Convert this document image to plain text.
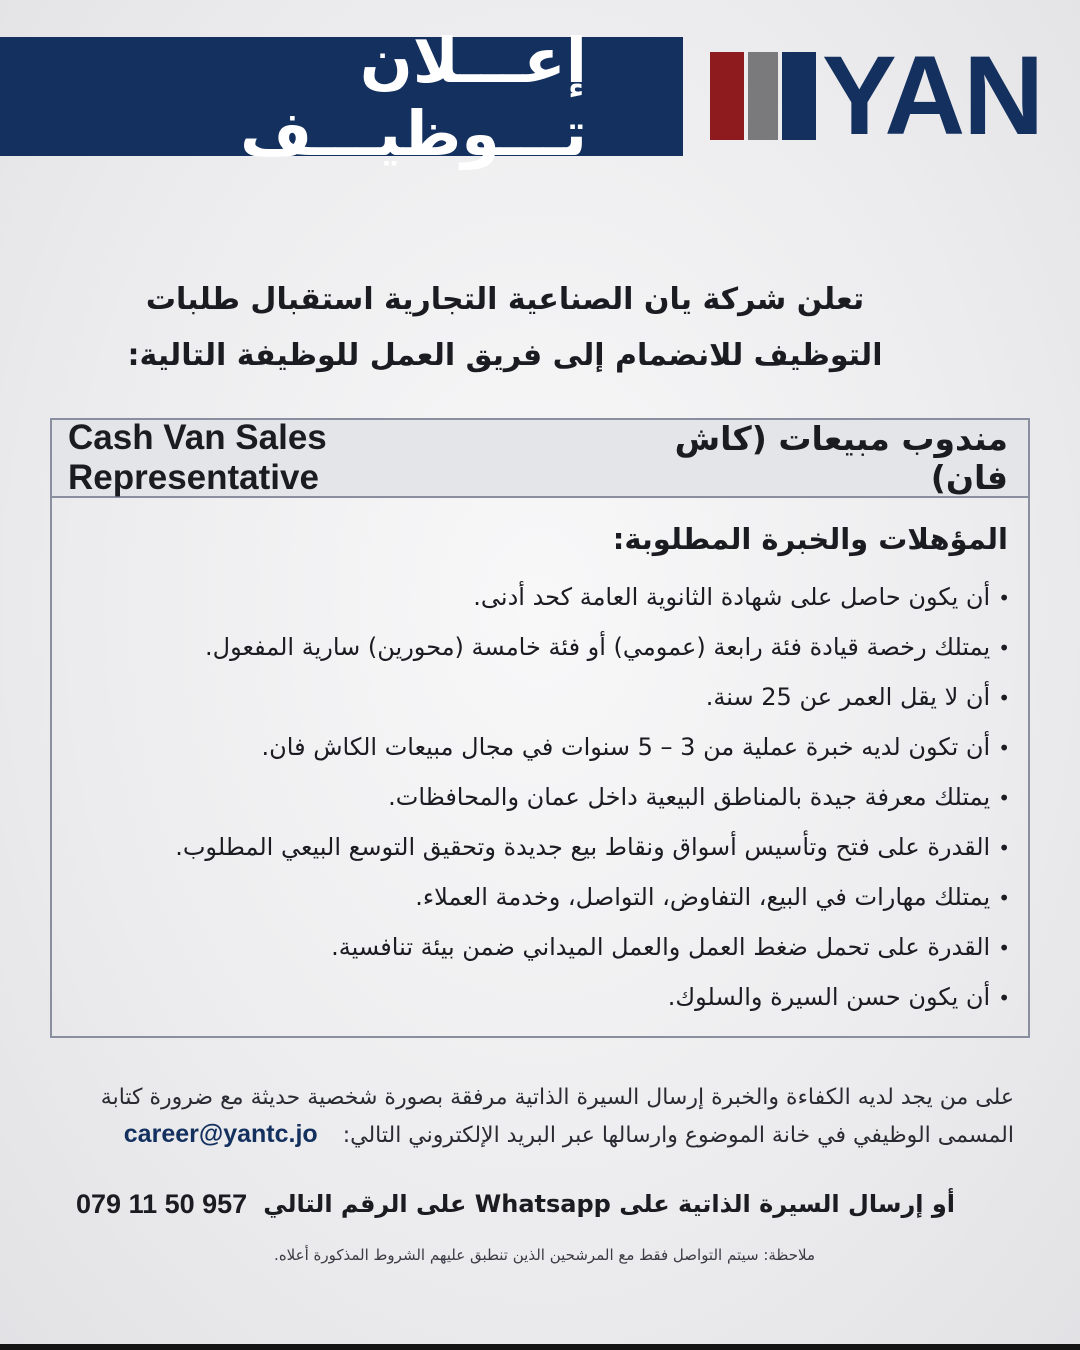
إعـــلان تـــوظيـــف YAN
تعلن شركة يان الصناعية التجارية استقبال طلبات
التوظيف للانضمام إلى فريق العمل للوظيفة التالية:
Cash Van Sales Representative
مندوب مبيعات (كاش فان)
المؤهلات والخبرة المطلوبة:
•أن يكون حاصل على شهادة الثانوية العامة كحد أدنى.
•يمتلك رخصة قيادة فئة رابعة (عمومي) أو فئة خامسة (محورين) سارية المفعول.
•أن لا يقل العمر عن 25 سنة.
•أن تكون لديه خبرة عملية من 3 – 5 سنوات في مجال مبيعات الكاش فان.
•يمتلك معرفة جيدة بالمناطق البيعية داخل عمان والمحافظات.
•القدرة على فتح وتأسيس أسواق ونقاط بيع جديدة وتحقيق التوسع البيعي المطلوب.
•يمتلك مهارات في البيع، التفاوض، التواصل، وخدمة العملاء.
•القدرة على تحمل ضغط العمل والعمل الميداني ضمن بيئة تنافسية.
•أن يكون حسن السيرة والسلوك.
على من يجد لديه الكفاءة والخبرة إرسال السيرة الذاتية مرفقة بصورة شخصية حديثة مع ضرورة كتابة المسمى الوظيفي في خانة الموضوع وارسالها عبر البريد الإلكتروني التالي: career@yantc.jo
أو إرسال السيرة الذاتية على Whatsapp على الرقم التالي
079 11 50 957
ملاحظة: سيتم التواصل فقط مع المرشحين الذين تنطبق عليهم الشروط المذكورة أعلاه.
